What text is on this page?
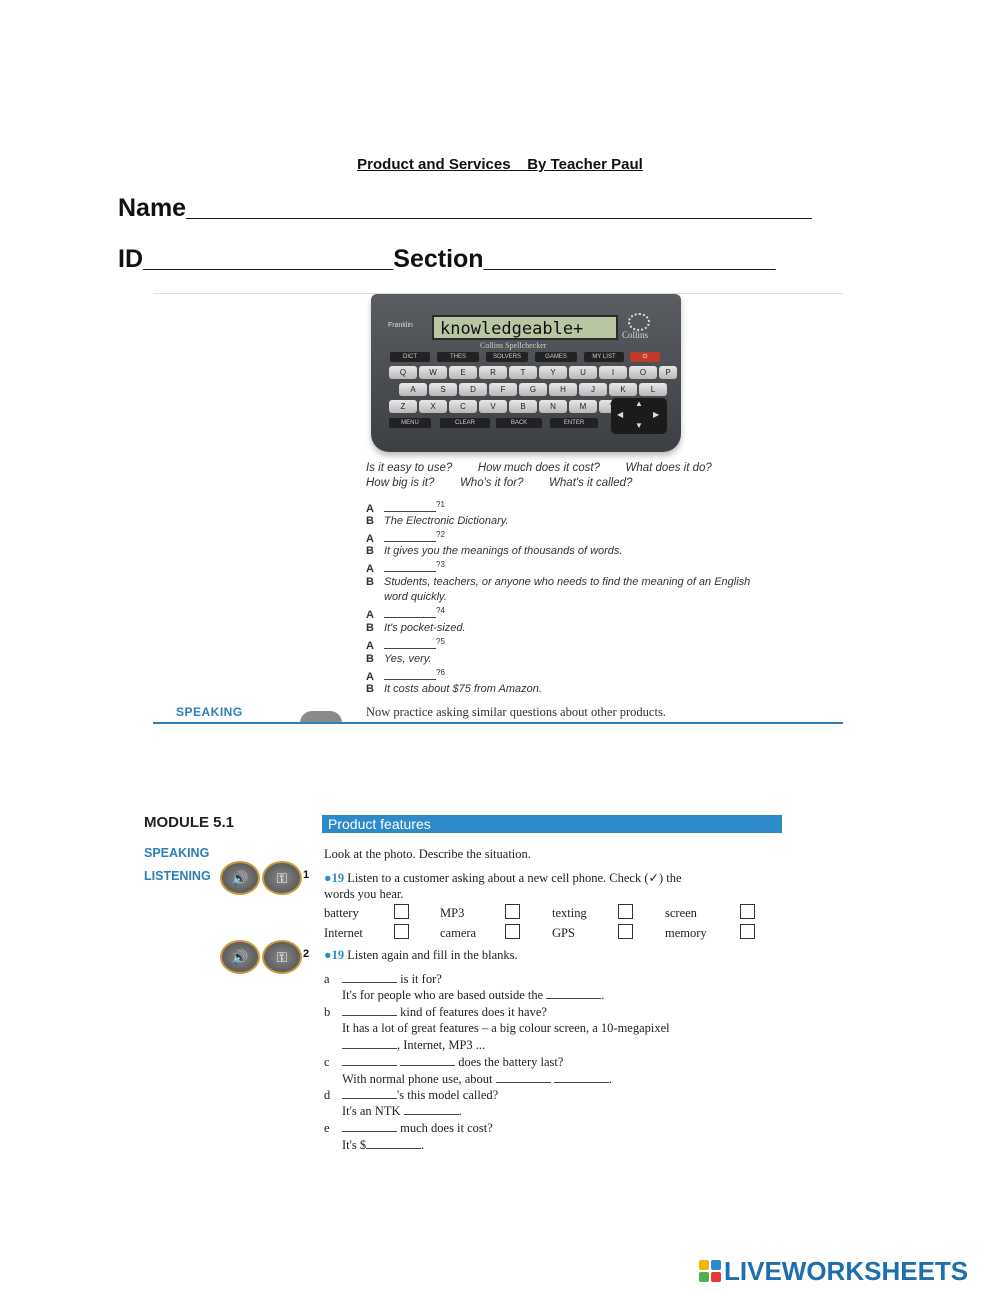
Product and Services    By Teacher Paul
Name_____________________________________________
ID__________________Section_____________________
Franklin	knowledgeable+	Collins
Collins Spellchecker
DICT	THES	SOLVERS	GAMES	MY LIST	⏻
Q	W	E	R	T	Y	U	I	O	P
A	S	D	F	G	H	J	K	L
Z	X	C	V	B	N	M
MENU	CLEAR	BACK	ENTER
▲
◀	▶
▼
Is it easy to use?        How much does it cost?        What does it do?
How big is it?        Who's it for?        What's it called?
A	$^{?1}$
B The Electronic Dictionary.
A	$^{?2}$
B It gives you the meanings of thousands of words.
A	$^{?3}$
B Students, teachers, or anyone who needs to find the meaning of an English
word quickly.
A	$^{?4}$
B It's pocket-sized.
A	$^{?5}$
B Yes, very.
A	$^{?6}$
B It costs about $75 from Amazon.
SPEAKING	Now practice asking similar questions about other products.
MODULE 5.1	Product features
SPEAKING
LISTENING
Look at the photo. Describe the situation.
🔊	⚿	1 ●19 Listen to a customer asking about a new cell phone. Check (✓) the
words you hear.
battery	MP3	texting	screen
Internet	camera	GPS	memory
🔊	⚿	2 ●19 Listen again and fill in the blanks.
a	is it for?
It's for people who are based outside the	.
b	kind of features does it have?
It has a lot of great features – a big colour screen, a 10-megapixel
, Internet, MP3 ...
c	does the battery last?
With normal phone use, about	.
d	's this model called?
It's an NTK	.
e	much does it cost?
It's $	.
LIVEWORKSHEETS
